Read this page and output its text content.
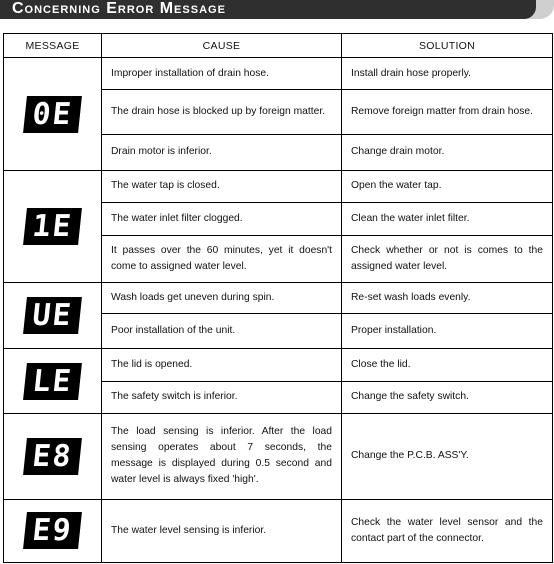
Concerning Error Message
MESSAGE	CAUSE	SOLUTION
0E	Improper installation of drain hose.	Install drain hose properly.
	The drain hose is blocked up by foreign matter.	Remove foreign matter from drain hose.
	Drain motor is inferior.	Change drain motor.
1E	The water tap is closed.	Open the water tap.
	The water inlet filter clogged.	Clean the water inlet filter.
	It passes over the 60 minutes, yet it doesn't come to assigned water level.	Check whether or not is comes to the assigned water level.
UE	Wash loads get uneven during spin.	Re-set wash loads evenly.
	Poor installation of the unit.	Proper installation.
LE	The lid is opened.	Close the lid.
	The safety switch is inferior.	Change the safety switch.
E8	The load sensing is inferior. After the load sensing operates about 7 seconds, the message is displayed during 0.5 second and water level is always fixed 'high'.	Change the P.C.B. ASS'Y.
E9	The water level sensing is inferior.	Check the water level sensor and the contact part of the connector.
